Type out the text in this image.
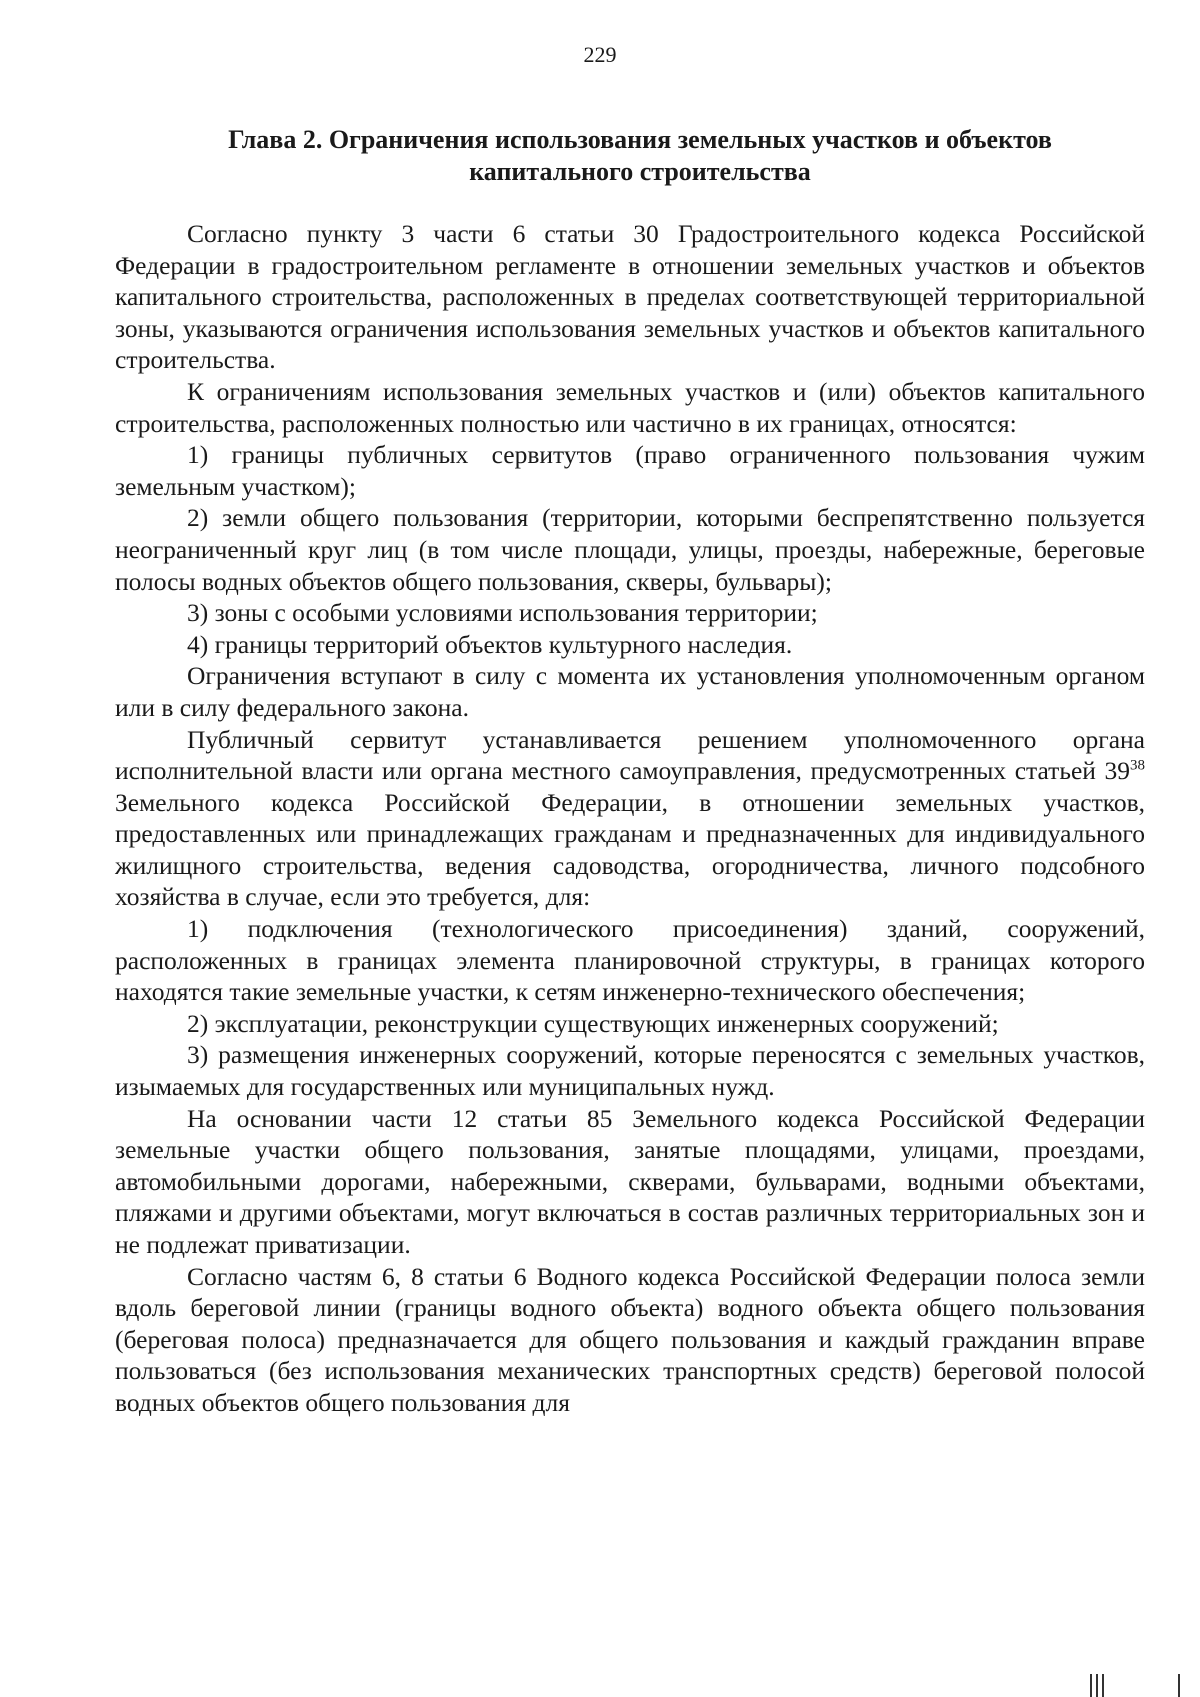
229
Глава 2. Ограничения использования земельных участков и объектов капитального строительства

Согласно пункту 3 части 6 статьи 30 Градостроительного кодекса Российской Федерации в градостроительном регламенте в отношении земельных участков и объектов капитального строительства, расположенных в пределах соответствующей территориальной зоны, указываются ограничения использования земельных участков и объектов капитального строительства.

К ограничениям использования земельных участков и (или) объектов капитального строительства, расположенных полностью или частично в их границах, относятся:

1) границы публичных сервитутов (право ограниченного пользования чужим земельным участком);

2) земли общего пользования (территории, которыми беспрепятственно пользуется неограниченный круг лиц (в том числе площади, улицы, проезды, набережные, береговые полосы водных объектов общего пользования, скверы, бульвары);

3) зоны с особыми условиями использования территории;

4) границы территорий объектов культурного наследия.

Ограничения вступают в силу с момента их установления уполномоченным органом или в силу федерального закона.

Публичный сервитут устанавливается решением уполномоченного органа исполнительной власти или органа местного самоуправления, предусмотренных статьей $39^{38}$ Земельного кодекса Российской Федерации, в отношении земельных участков, предоставленных или принадлежащих гражданам и предназначенных для индивидуального жилищного строительства, ведения садоводства, огородничества, личного подсобного хозяйства в случае, если это требуется, для:

1) подключения (технологического присоединения) зданий, сооружений, расположенных в границах элемента планировочной структуры, в границах которого находятся такие земельные участки, к сетям инженерно-технического обеспечения;

2) эксплуатации, реконструкции существующих инженерных сооружений;

3) размещения инженерных сооружений, которые переносятся с земельных участков, изымаемых для государственных или муниципальных нужд.

На основании части 12 статьи 85 Земельного кодекса Российской Федерации земельные участки общего пользования, занятые площадями, улицами, проездами, автомобильными дорогами, набережными, скверами, бульварами, водными объектами, пляжами и другими объектами, могут включаться в состав различных территориальных зон и не подлежат приватизации.

Согласно частям 6, 8 статьи 6 Водного кодекса Российской Федерации полоса земли вдоль береговой линии (границы водного объекта) водного объекта общего пользования (береговая полоса) предназначается для общего пользования и каждый гражданин вправе пользоваться (без использования механических транспортных средств) береговой полосой водных объектов общего пользования для
